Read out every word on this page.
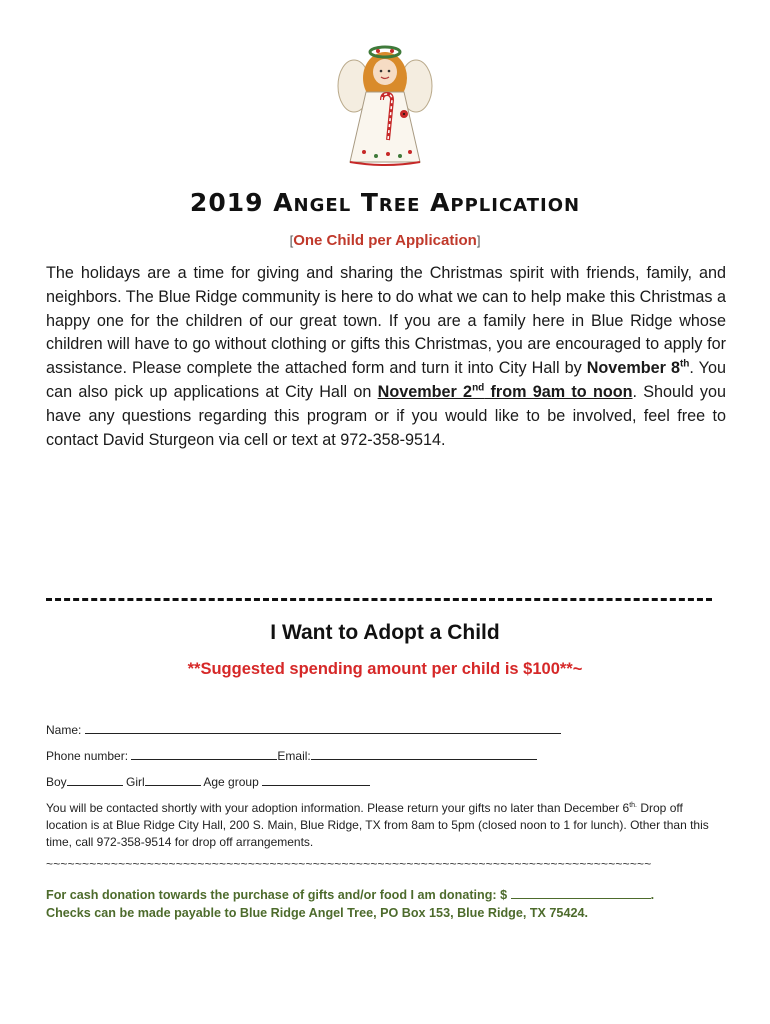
2019 Angel Tree Application
[One Child per Application]
The holidays are a time for giving and sharing the Christmas spirit with friends, family, and neighbors. The Blue Ridge community is here to do what we can to help make this Christmas a happy one for the children of our great town. If you are a family here in Blue Ridge whose children will have to go without clothing or gifts this Christmas, you are encouraged to apply for assistance. Please complete the attached form and turn it into City Hall by November 8th. You can also pick up applications at City Hall on November 2nd from 9am to noon. Should you have any questions regarding this program or if you would like to be involved, feel free to contact David Sturgeon via cell or text at 972-358-9514.
I Want to Adopt a Child
**Suggested spending amount per child is $100**~
Name:
Phone number:	Email:
Boy	Girl	Age group
You will be contacted shortly with your adoption information. Please return your gifts no later than December $6^{th.}$ Drop off location is at Blue Ridge City Hall, 200 S. Main, Blue Ridge, TX from 8am to 5pm (closed noon to 1 for lunch). Other than this time, call 972-358-9514 for drop off arrangements.
~~~~~~~~~~~~~~~~~~~~~~~~~~~~~~~~~~~~~~~~~~~~~~~~~~~~~~~~~~~~~~~~~~~~~~~~~~~~~~~~~~~~
For cash donation towards the purchase of gifts and/or food I am donating: $	.
Checks can be made payable to Blue Ridge Angel Tree, PO Box 153, Blue Ridge, TX 75424.
